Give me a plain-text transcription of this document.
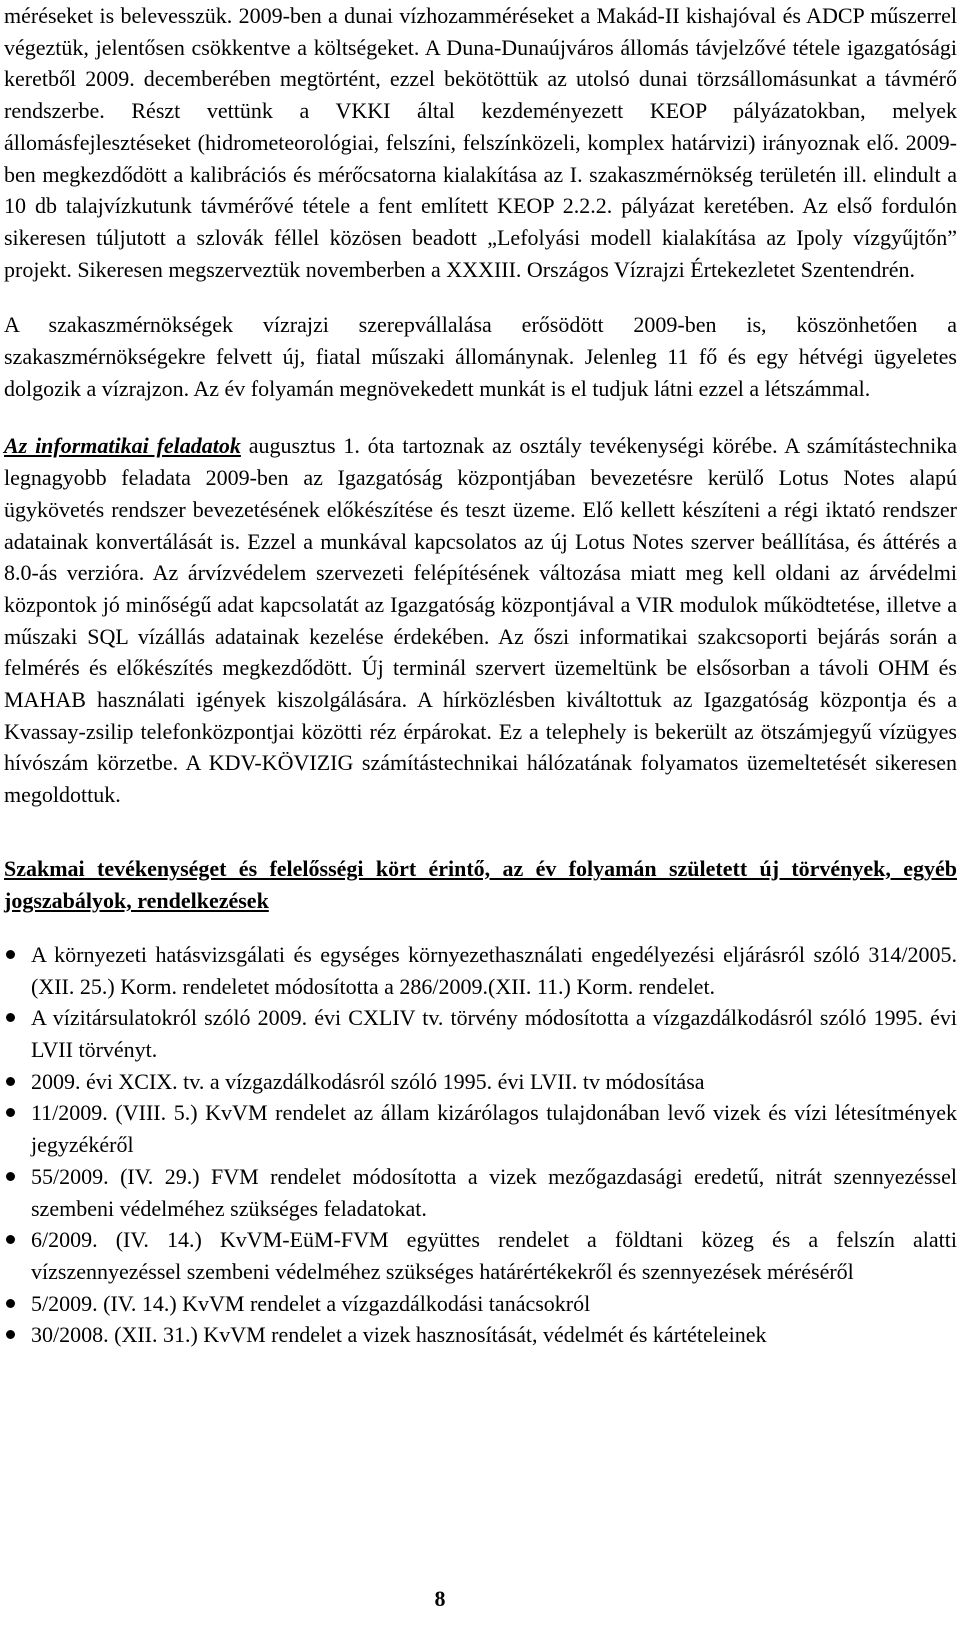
méréseket is belevesszük. 2009-ben a dunai vízhozamméréseket a Makád-II kishajóval és ADCP műszerrel végeztük, jelentősen csökkentve a költségeket. A Duna-Dunaújváros állomás távjelzővé tétele igazgatósági keretből 2009. decemberében megtörtént, ezzel bekötöttük az utolsó dunai törzsállomásunkat a távmérő rendszerbe. Részt vettünk a VKKI által kezdeményezett KEOP pályázatokban, melyek állomásfejlesztéseket (hidrometeorológiai, felszíni, felszínközeli, komplex határvizi) irányoznak elő. 2009-ben megkezdődött a kalibrációs és mérőcsatorna kialakítása az I. szakaszmérnökség területén ill. elindult a 10 db talajvízkutunk távmérővé tétele a fent említett KEOP 2.2.2. pályázat keretében. Az első fordulón sikeresen túljutott a szlovák féllel közösen beadott „Lefolyási modell kialakítása az Ipoly vízgyűjtőn” projekt. Sikeresen megszerveztük novemberben a XXXIII. Országos Vízrajzi Értekezletet Szentendrén.

A szakaszmérnökségek vízrajzi szerepvállalása erősödött 2009-ben is, köszönhetően a szakaszmérnökségekre felvett új, fiatal műszaki állománynak. Jelenleg 11 fő és egy hétvégi ügyeletes dolgozik a vízrajzon. Az év folyamán megnövekedett munkát is el tudjuk látni ezzel a létszámmal.

Az informatikai feladatok augusztus 1. óta tartoznak az osztály tevékenységi körébe. A számítástechnika legnagyobb feladata 2009-ben az Igazgatóság központjában bevezetésre kerülő Lotus Notes alapú ügykövetés rendszer bevezetésének előkészítése és teszt üzeme. Elő kellett készíteni a régi iktató rendszer adatainak konvertálását is. Ezzel a munkával kapcsolatos az új Lotus Notes szerver beállítása, és áttérés a 8.0-ás verzióra. Az árvízvédelem szervezeti felépítésének változása miatt meg kell oldani az árvédelmi központok jó minőségű adat kapcsolatát az Igazgatóság központjával a VIR modulok működtetése, illetve a műszaki SQL vízállás adatainak kezelése érdekében. Az őszi informatikai szakcsoporti bejárás során a felmérés és előkészítés megkezdődött. Új terminál szervert üzemeltünk be elsősorban a távoli OHM és MAHAB használati igények kiszolgálására. A hírközlésben kiváltottuk az Igazgatóság központja és a Kvassay-zsilip telefonközpontjai közötti réz érpárokat. Ez a telephely is bekerült az ötszámjegyű vízügyes hívószám körzetbe. A KDV-KÖVIZIG számítástechnikai hálózatának folyamatos üzemeltetését sikeresen megoldottuk.

Szakmai tevékenységet és felelősségi kört érintő, az év folyamán született új törvények, egyéb jogszabályok, rendelkezések
A környezeti hatásvizsgálati és egységes környezethasználati engedélyezési eljárásról szóló 314/2005.(XII. 25.) Korm. rendeletet módosította a 286/2009.(XII. 11.) Korm. rendelet.
A vízitársulatokról szóló 2009. évi CXLIV tv. törvény módosította a vízgazdálkodásról szóló 1995. évi LVII törvényt.
2009. évi XCIX. tv. a vízgazdálkodásról szóló 1995. évi LVII. tv módosítása
11/2009. (VIII. 5.) KvVM rendelet az állam kizárólagos tulajdonában levő vizek és vízi létesítmények jegyzékéről
55/2009. (IV. 29.) FVM rendelet módosította a vizek mezőgazdasági eredetű, nitrát szennyezéssel szembeni védelméhez szükséges feladatokat.
6/2009. (IV. 14.) KvVM-EüM-FVM együttes rendelet a földtani közeg és a felszín alatti vízszennyezéssel szembeni védelméhez szükséges határértékekről és szennyezések méréséről
5/2009. (IV. 14.) KvVM rendelet a vízgazdálkodási tanácsokról
30/2008. (XII. 31.) KvVM rendelet a vizek hasznosítását, védelmét és kártételeinek
8
